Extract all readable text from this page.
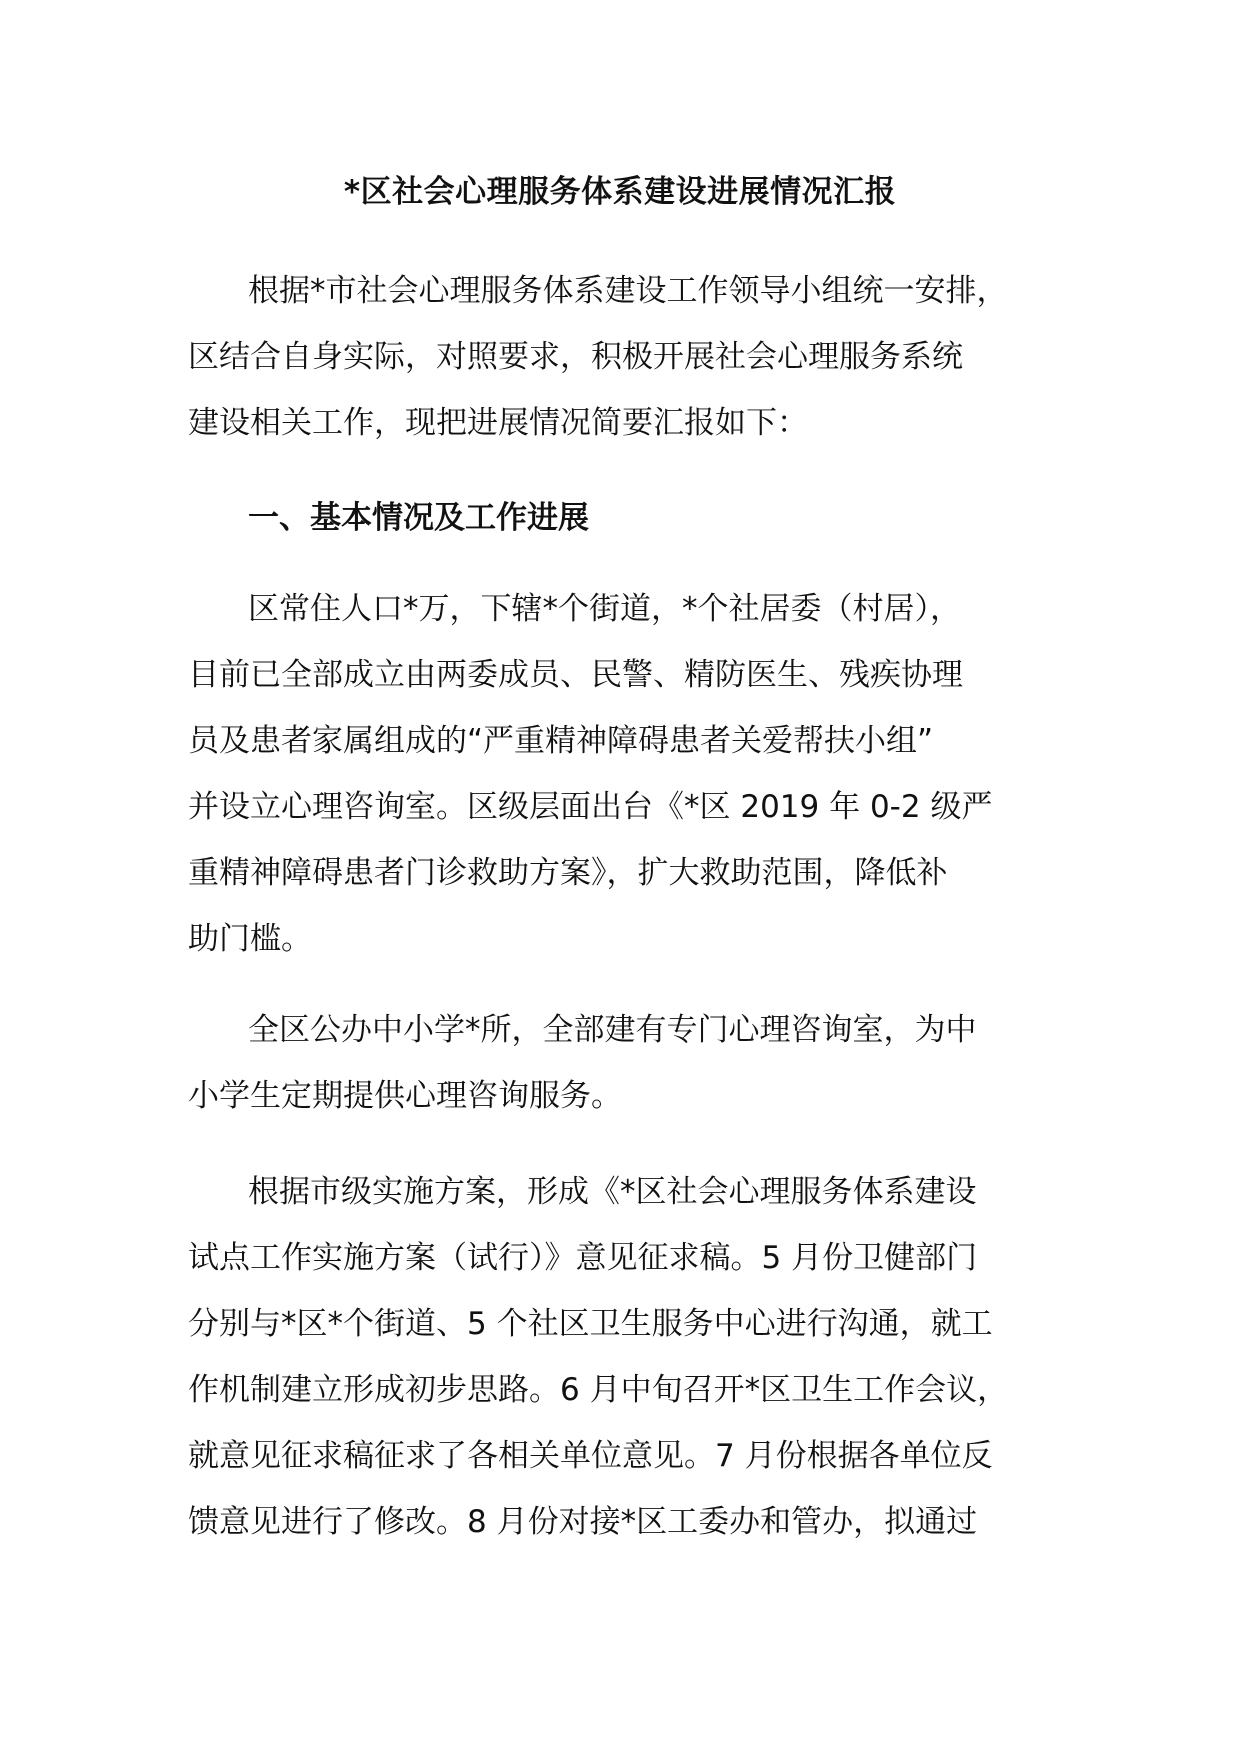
*区社会心理服务体系建设进展情况汇报
根据*市社会心理服务体系建设工作领导小组统一安排，
区结合自身实际，对照要求，积极开展社会心理服务系统
建设相关工作，现把进展情况简要汇报如下：
一、基本情况及工作进展
区常住人口*万，下辖*个街道，*个社居委（村居），
目前已全部成立由两委成员、民警、精防医生、残疾协理
员及患者家属组成的“严重精神障碍患者关爱帮扶小组”
并设立心理咨询室。区级层面出台《*区 2019 年 0-2 级严
重精神障碍患者门诊救助方案》，扩大救助范围，降低补
助门槛。
全区公办中小学*所，全部建有专门心理咨询室，为中
小学生定期提供心理咨询服务。
根据市级实施方案，形成《*区社会心理服务体系建设
试点工作实施方案（试行）》意见征求稿。5 月份卫健部门
分别与*区*个街道、5 个社区卫生服务中心进行沟通，就工
作机制建立形成初步思路。6 月中旬召开*区卫生工作会议，
就意见征求稿征求了各相关单位意见。7 月份根据各单位反
馈意见进行了修改。8 月份对接*区工委办和管办，拟通过
